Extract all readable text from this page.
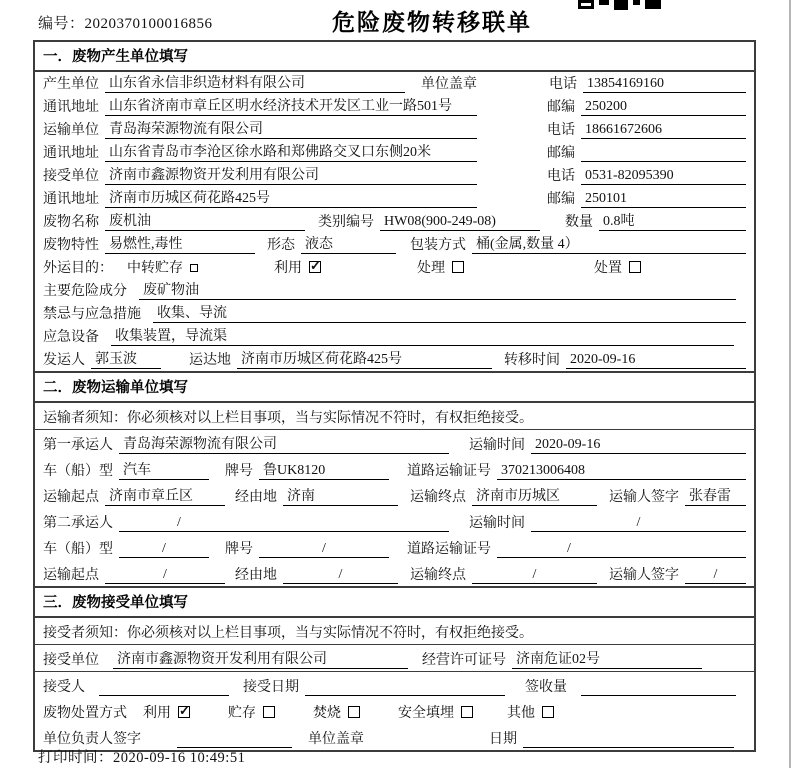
编号：2020370100016856	危险废物转移联单
一．废物产生单位填写
产生单位 山东省永信非织造材料有限公司	单位盖章	电话 13854169160
通讯地址 山东省济南市章丘区明水经济技术开发区工业一路501号	邮编 250200
运输单位 青岛海荣源物流有限公司	电话 18661672606
通讯地址 山东省青岛市李沧区徐水路和郑佛路交叉口东侧20米	邮编
接受单位 济南市鑫源物资开发利用有限公司	电话 0531-82095390
通讯地址 济南市历城区荷花路425号	邮编 250101
废物名称 废机油	类别编号 HW08(900-249-08)	数量 0.8吨
废物特性 易燃性,毒性	形态 液态	包装方式 桶(金属,数量 4）
外运目的： 中转贮存	利用 ✓	处理	处置
主要危险成分 废矿物油
禁忌与应急措施 收集、导流
应急设备 收集装置，导流渠
发运人 郭玉波	运达地 济南市历城区荷花路425号	转移时间 2020-09-16
二．废物运输单位填写
运输者须知：你必须核对以上栏目事项，当与实际情况不符时，有权拒绝接受。
第一承运人 青岛海荣源物流有限公司	运输时间 2020-09-16
车（船）型 汽车	牌号 鲁UK8120	道路运输证号 370213006408
运输起点 济南市章丘区	经由地 济南	运输终点 济南市历城区	运输人签字 张春雷
第二承运人	/	运输时间	/
车（船）型	/	牌号	/	道路运输证号	/
运输起点	/	经由地	/	运输终点	/	运输人签字	/
三．废物接受单位填写
接受者须知：你必须核对以上栏目事项，当与实际情况不符时，有权拒绝接受。
接受单位 济南市鑫源物资开发利用有限公司	经营许可证号 济南危证02号
接受人	接受日期	签收量
废物处置方式 利用 ✓	贮存	焚烧	安全填埋	其他
单位负责人签字	单位盖章	日期
打印时间：2020-09-16 10:49:51
